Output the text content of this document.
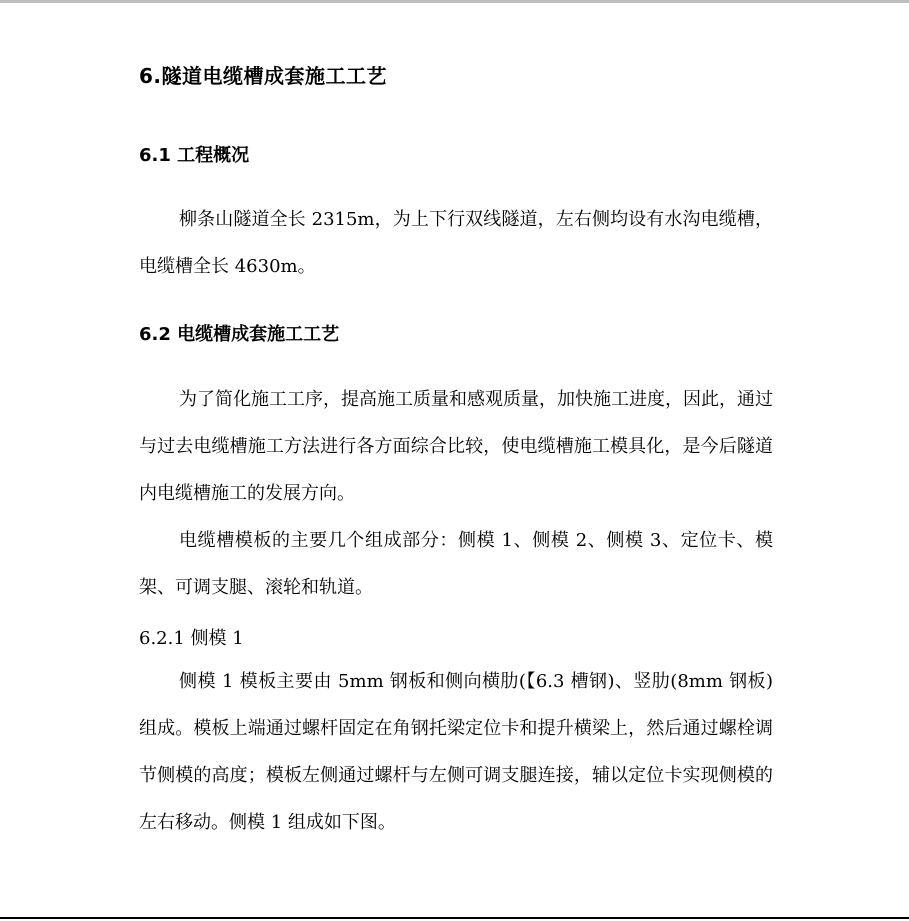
6.隧道电缆槽成套施工工艺
6.1 工程概况
柳条山隧道全长 2315m，为上下行双线隧道，左右侧均设有水沟电缆槽，电缆槽全长 4630m。
6.2 电缆槽成套施工工艺
为了简化施工工序，提高施工质量和感观质量，加快施工进度，因此，通过与过去电缆槽施工方法进行各方面综合比较，使电缆槽施工模具化，是今后隧道内电缆槽施工的发展方向。
电缆槽模板的主要几个组成部分：侧模 1、侧模 2、侧模 3、定位卡、模架、可调支腿、滚轮和轨道。
6.2.1 侧模 1
侧模 1 模板主要由 5mm 钢板和侧向横肋(【6.3 槽钢)、竖肋(8mm 钢板)组成。模板上端通过螺杆固定在角钢托梁定位卡和提升横梁上，然后通过螺栓调节侧模的高度；模板左侧通过螺杆与左侧可调支腿连接，辅以定位卡实现侧模的左右移动。侧模 1 组成如下图。
